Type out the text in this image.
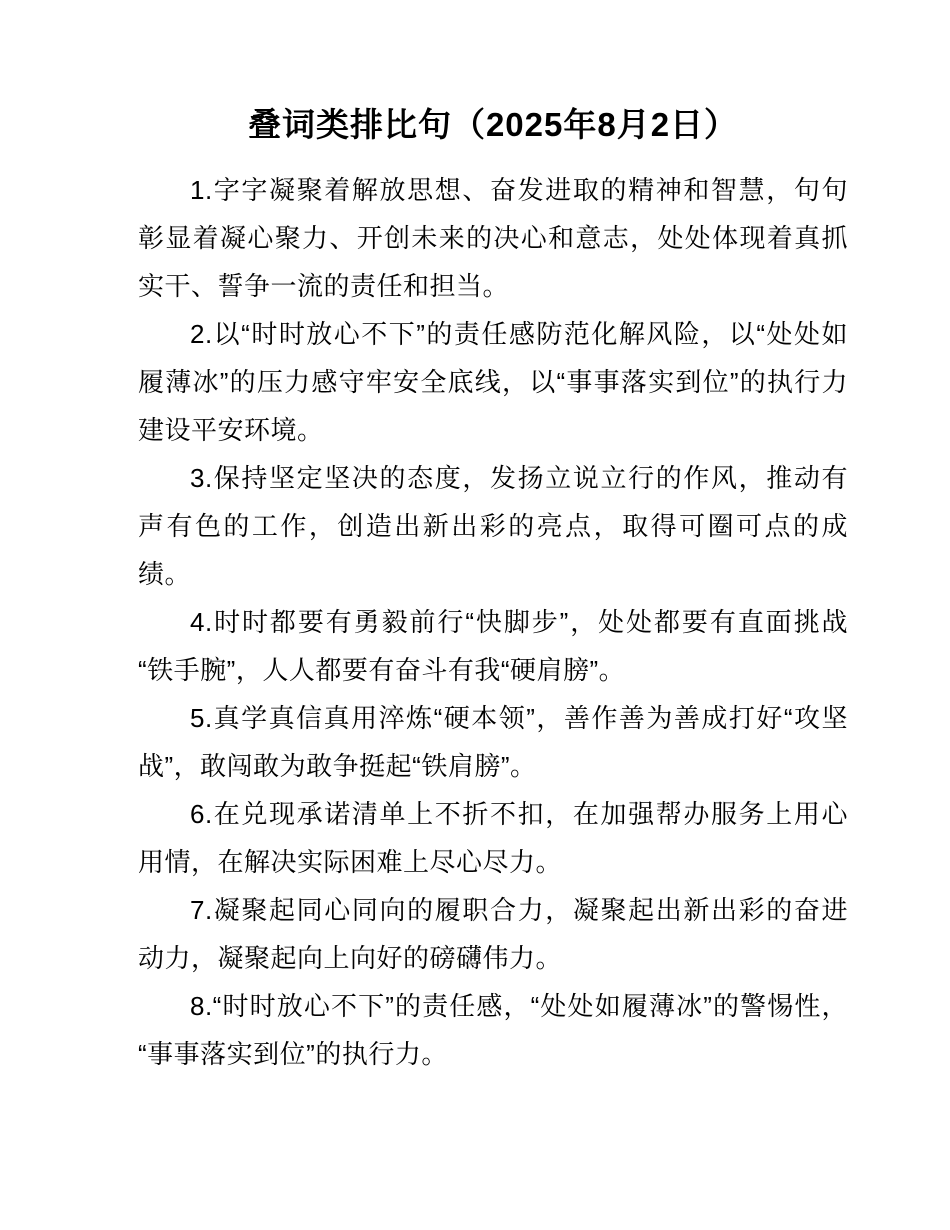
叠词类排比句（2025年8月2日）

1.字字凝聚着解放思想、奋发进取的精神和智慧，句句彰显着凝心聚力、开创未来的决心和意志，处处体现着真抓实干、誓争一流的责任和担当。

2.以“时时放心不下”的责任感防范化解风险，以“处处如履薄冰”的压力感守牢安全底线，以“事事落实到位”的执行力建设平安环境。

3.保持坚定坚决的态度，发扬立说立行的作风，推动有声有色的工作，创造出新出彩的亮点，取得可圈可点的成绩。

4.时时都要有勇毅前行“快脚步”，处处都要有直面挑战“铁手腕”，人人都要有奋斗有我“硬肩膀”。

5.真学真信真用淬炼“硬本领”，善作善为善成打好“攻坚战”，敢闯敢为敢争挺起“铁肩膀”。

6.在兑现承诺清单上不折不扣，在加强帮办服务上用心用情，在解决实际困难上尽心尽力。

7.凝聚起同心同向的履职合力，凝聚起出新出彩的奋进动力，凝聚起向上向好的磅礴伟力。

8.“时时放心不下”的责任感，“处处如履薄冰”的警惕性，“事事落实到位”的执行力。
